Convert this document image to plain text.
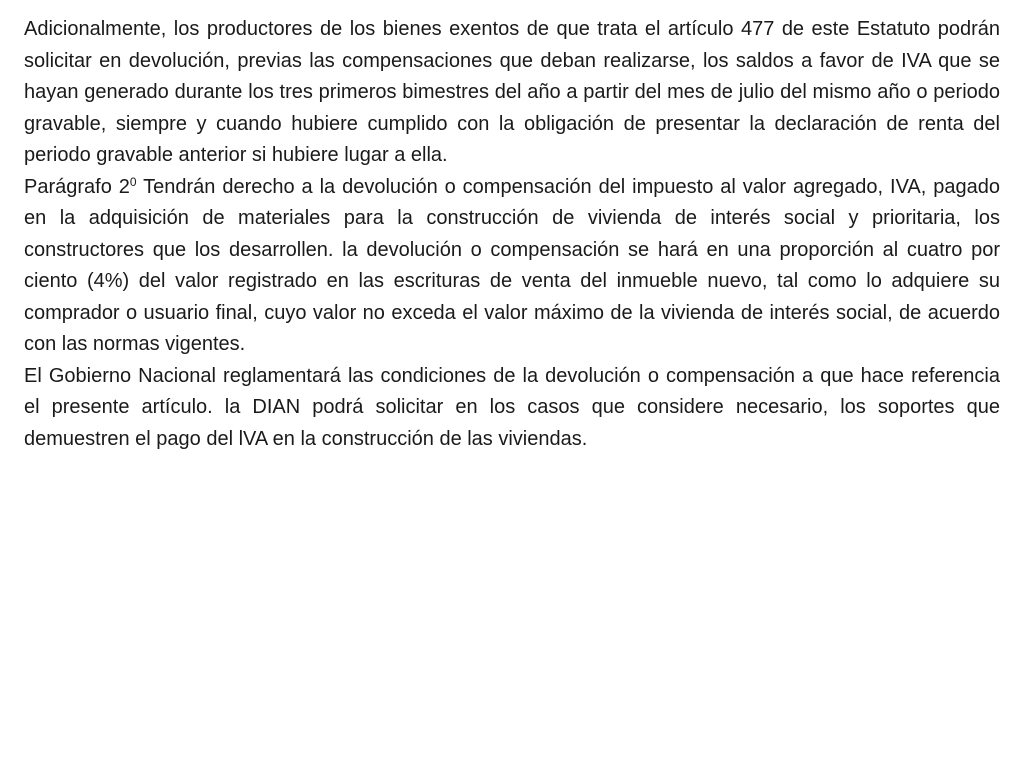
Adicionalmente, los productores de los bienes exentos de que trata el artículo 477 de este Estatuto podrán solicitar en devolución, previas las compensaciones que deban realizarse, los saldos a favor de IVA que se hayan generado durante los tres primeros bimestres del año a partir del mes de julio del mismo año o periodo gravable, siempre y cuando hubiere cumplido con la obligación de presentar la declaración de renta del periodo gravable anterior si hubiere lugar a ella.

Parágrafo $2^0$ Tendrán derecho a la devolución o compensación del impuesto al valor agregado, IVA, pagado en la adquisición de materiales para la construcción de vivienda de interés social y prioritaria, los constructores que los desarrollen. la devolución o compensación se hará en una proporción al cuatro por ciento (4%) del valor registrado en las escrituras de venta del inmueble nuevo, tal como lo adquiere su comprador o usuario final, cuyo valor no exceda el valor máximo de la vivienda de interés social, de acuerdo con las normas vigentes.

El Gobierno Nacional reglamentará las condiciones de la devolución o compensación a que hace referencia el presente artículo. la DIAN podrá solicitar en los casos que considere necesario, los soportes que demuestren el pago del lVA en la construcción de las viviendas.
